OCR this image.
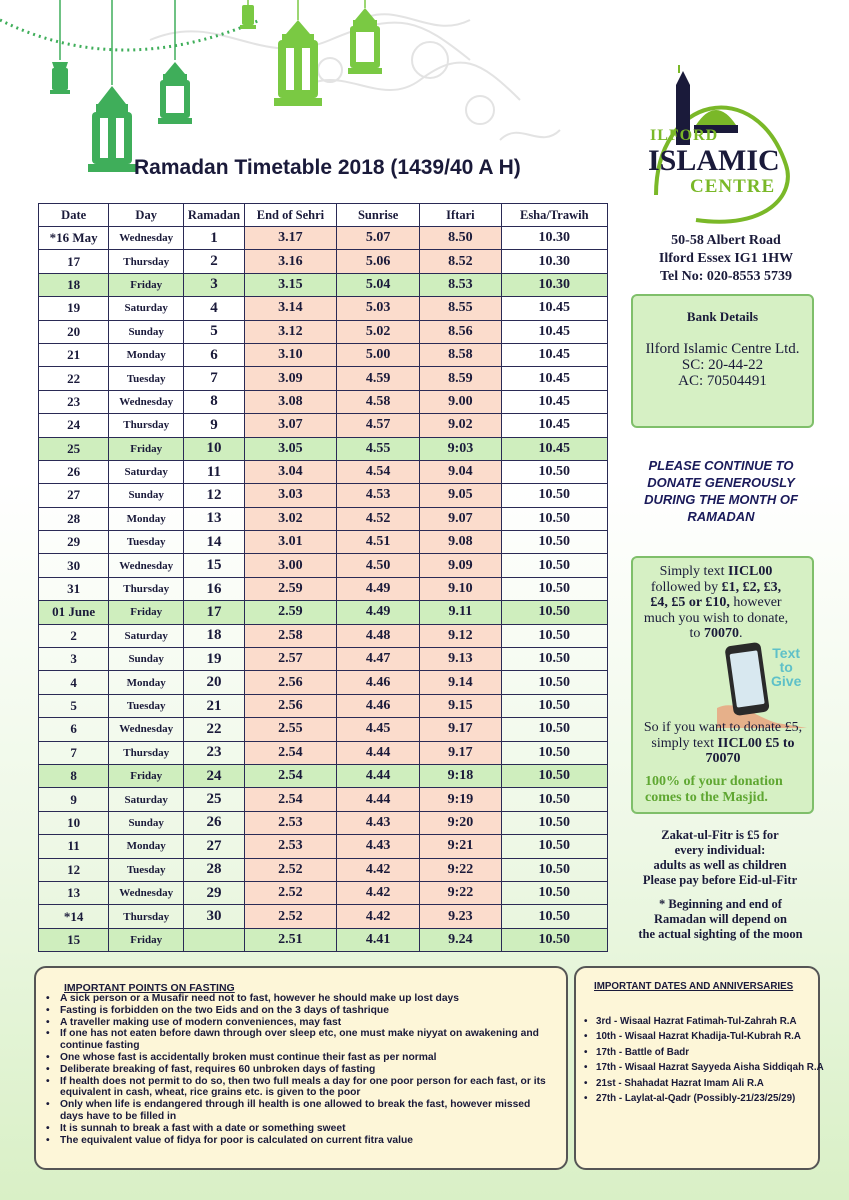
Ramadan Timetable 2018 (1439/40 A H)
ILFORD
ISLAMIC
CENTRE
50-58 Albert Road
Ilford Essex IG1 1HW
Tel No: 020-8553 5739
Date	Day	Ramadan	End of Sehri	Sunrise	Iftari	Esha/Trawih
*16 May	Wednesday	1	3.17	5.07	8.50	10.30
17	Thursday	2	3.16	5.06	8.52	10.30
18	Friday	3	3.15	5.04	8.53	10.30
19	Saturday	4	3.14	5.03	8.55	10.45
20	Sunday	5	3.12	5.02	8.56	10.45
21	Monday	6	3.10	5.00	8.58	10.45
22	Tuesday	7	3.09	4.59	8.59	10.45
23	Wednesday	8	3.08	4.58	9.00	10.45
24	Thursday	9	3.07	4.57	9.02	10.45
25	Friday	10	3.05	4.55	9:03	10.45
26	Saturday	11	3.04	4.54	9.04	10.50
27	Sunday	12	3.03	4.53	9.05	10.50
28	Monday	13	3.02	4.52	9.07	10.50
29	Tuesday	14	3.01	4.51	9.08	10.50
30	Wednesday	15	3.00	4.50	9.09	10.50
31	Thursday	16	2.59	4.49	9.10	10.50
01 June	Friday	17	2.59	4.49	9.11	10.50
2	Saturday	18	2.58	4.48	9.12	10.50
3	Sunday	19	2.57	4.47	9.13	10.50
4	Monday	20	2.56	4.46	9.14	10.50
5	Tuesday	21	2.56	4.46	9.15	10.50
6	Wednesday	22	2.55	4.45	9.17	10.50
7	Thursday	23	2.54	4.44	9.17	10.50
8	Friday	24	2.54	4.44	9:18	10.50
9	Saturday	25	2.54	4.44	9:19	10.50
10	Sunday	26	2.53	4.43	9:20	10.50
11	Monday	27	2.53	4.43	9:21	10.50
12	Tuesday	28	2.52	4.42	9:22	10.50
13	Wednesday	29	2.52	4.42	9:22	10.50
*14	Thursday	30	2.52	4.42	9.23	10.50
15	Friday		2.51	4.41	9.24	10.50
Bank Details
Ilford Islamic Centre Ltd.
SC: 20-44-22
AC: 70504491
PLEASE CONTINUE TO DONATE GENEROUSLY DURING THE MONTH OF RAMADAN
Simply text IICL00 followed by £1, £2, £3, £4, £5 or £10, however much you wish to donate, to 70070.
Text
to
Give
So if you want to donate £5, simply text IICL00 £5 to 70070
100% of your donation comes to the Masjid.
Zakat-ul-Fitr is £5 for
every individual:
adults as well as children
Please pay before Eid-ul-Fitr
* Beginning and end of
Ramadan will depend on
the actual sighting of the moon
IMPORTANT POINTS ON FASTING
• A sick person or a Musafir need not to fast, however he should make up lost days
• Fasting is forbidden on the two Eids and on the 3 days of tashrique
• A traveller making use of modern conveniences, may fast
• If one has not eaten before dawn through over sleep etc, one must make niyyat on awakening and continue fasting
• One whose fast is accidentally broken must continue their fast as per normal
• Deliberate breaking of fast, requires 60 unbroken days of fasting
• If health does not permit to do so, then two full meals a day for one poor person for each fast, or its equivalent in cash, wheat, rice grains etc. is given to the poor
• Only when life is endangered through ill health is one allowed to break the fast, however missed days have to be filled in
• It is sunnah to break a fast with a date or something sweet
• The equivalent value of fidya for poor is calculated on current fitra value
IMPORTANT DATES AND ANNIVERSARIES
• 3rd - Wisaal Hazrat Fatimah-Tul-Zahrah R.A
• 10th - Wisaal Hazrat Khadija-Tul-Kubrah R.A
• 17th - Battle of Badr
• 17th - Wisaal Hazrat Sayyeda Aisha Siddiqah R.A
• 21st - Shahadat Hazrat Imam Ali R.A
• 27th - Laylat-al-Qadr (Possibly-21/23/25/29)
